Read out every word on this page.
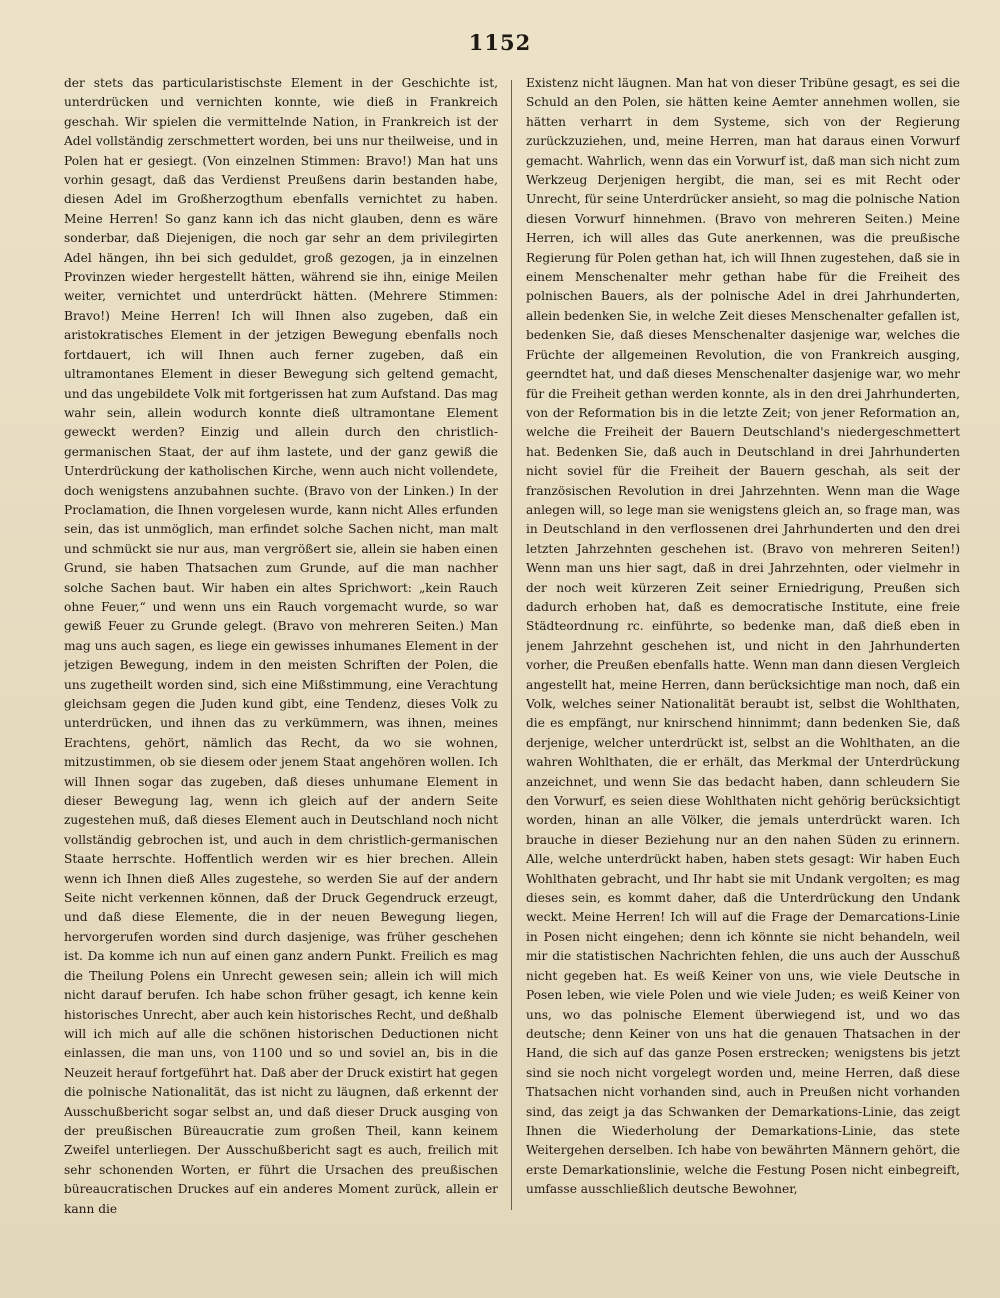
1152

der stets das particularistischste Element in der Geschichte ist, unterdrücken und vernichten konnte, wie dieß in Frankreich geschah. Wir spielen die vermittelnde Nation, in Frankreich ist der Adel vollständig zerschmettert worden, bei uns nur theilweise, und in Polen hat er gesiegt. (Von einzelnen Stimmen: Bravo!) Man hat uns vorhin gesagt, daß das Verdienst Preußens darin bestanden habe, diesen Adel im Großherzogthum ebenfalls vernichtet zu haben. Meine Herren! So ganz kann ich das nicht glauben, denn es wäre sonderbar, daß Diejenigen, die noch gar sehr an dem privilegirten Adel hängen, ihn bei sich geduldet, groß gezogen, ja in einzelnen Provinzen wieder hergestellt hätten, während sie ihn, einige Meilen weiter, vernichtet und unterdrückt hätten. (Mehrere Stimmen: Bravo!) Meine Herren! Ich will Ihnen also zugeben, daß ein aristokratisches Element in der jetzigen Bewegung ebenfalls noch fortdauert, ich will Ihnen auch ferner zugeben, daß ein ultramontanes Element in dieser Bewegung sich geltend gemacht, und das ungebildete Volk mit fortgerissen hat zum Aufstand. Das mag wahr sein, allein wodurch konnte dieß ultramontane Element geweckt werden? Einzig und allein durch den christlich-germanischen Staat, der auf ihm lastete, und der ganz gewiß die Unterdrückung der katholischen Kirche, wenn auch nicht vollendete, doch wenigstens anzubahnen suchte. (Bravo von der Linken.) In der Proclamation, die Ihnen vorgelesen wurde, kann nicht Alles erfunden sein, das ist unmöglich, man erfindet solche Sachen nicht, man malt und schmückt sie nur aus, man vergrößert sie, allein sie haben einen Grund, sie haben Thatsachen zum Grunde, auf die man nachher solche Sachen baut. Wir haben ein altes Sprichwort: „kein Rauch ohne Feuer,“ und wenn uns ein Rauch vorgemacht wurde, so war gewiß Feuer zu Grunde gelegt. (Bravo von mehreren Seiten.) Man mag uns auch sagen, es liege ein gewisses inhumanes Element in der jetzigen Bewegung, indem in den meisten Schriften der Polen, die uns zugetheilt worden sind, sich eine Mißstimmung, eine Verachtung gleichsam gegen die Juden kund gibt, eine Tendenz, dieses Volk zu unterdrücken, und ihnen das zu verkümmern, was ihnen, meines Erachtens, gehört, nämlich das Recht, da wo sie wohnen, mitzustimmen, ob sie diesem oder jenem Staat angehören wollen. Ich will Ihnen sogar das zugeben, daß dieses unhumane Element in dieser Bewegung lag, wenn ich gleich auf der andern Seite zugestehen muß, daß dieses Element auch in Deutschland noch nicht vollständig gebrochen ist, und auch in dem christlich-germanischen Staate herrschte. Hoffentlich werden wir es hier brechen. Allein wenn ich Ihnen dieß Alles zugestehe, so werden Sie auf der andern Seite nicht verkennen können, daß der Druck Gegendruck erzeugt, und daß diese Elemente, die in der neuen Bewegung liegen, hervorgerufen worden sind durch dasjenige, was früher geschehen ist. Da komme ich nun auf einen ganz andern Punkt. Freilich es mag die Theilung Polens ein Unrecht gewesen sein; allein ich will mich nicht darauf berufen. Ich habe schon früher gesagt, ich kenne kein historisches Unrecht, aber auch kein historisches Recht, und deßhalb will ich mich auf alle die schönen historischen Deductionen nicht einlassen, die man uns, von 1100 und so und soviel an, bis in die Neuzeit herauf fortgeführt hat. Daß aber der Druck existirt hat gegen die polnische Nationalität, das ist nicht zu läugnen, daß erkennt der Ausschußbericht sogar selbst an, und daß dieser Druck ausging von der preußischen Büreaucratie zum großen Theil, kann keinem Zweifel unterliegen. Der Ausschußbericht sagt es auch, freilich mit sehr schonenden Worten, er führt die Ursachen des preußischen büreaucratischen Druckes auf ein anderes Moment zurück, allein er kann die

Existenz nicht läugnen. Man hat von dieser Tribüne gesagt, es sei die Schuld an den Polen, sie hätten keine Aemter annehmen wollen, sie hätten verharrt in dem Systeme, sich von der Regierung zurückzuziehen, und, meine Herren, man hat daraus einen Vorwurf gemacht. Wahrlich, wenn das ein Vorwurf ist, daß man sich nicht zum Werkzeug Derjenigen hergibt, die man, sei es mit Recht oder Unrecht, für seine Unterdrücker ansieht, so mag die polnische Nation diesen Vorwurf hinnehmen. (Bravo von mehreren Seiten.) Meine Herren, ich will alles das Gute anerkennen, was die preußische Regierung für Polen gethan hat, ich will Ihnen zugestehen, daß sie in einem Menschenalter mehr gethan habe für die Freiheit des polnischen Bauers, als der polnische Adel in drei Jahrhunderten, allein bedenken Sie, in welche Zeit dieses Menschenalter gefallen ist, bedenken Sie, daß dieses Menschenalter dasjenige war, welches die Früchte der allgemeinen Revolution, die von Frankreich ausging, geerndtet hat, und daß dieses Menschenalter dasjenige war, wo mehr für die Freiheit gethan werden konnte, als in den drei Jahrhunderten, von der Reformation bis in die letzte Zeit; von jener Reformation an, welche die Freiheit der Bauern Deutschland's niedergeschmettert hat. Bedenken Sie, daß auch in Deutschland in drei Jahrhunderten nicht soviel für die Freiheit der Bauern geschah, als seit der französischen Revolution in drei Jahrzehnten. Wenn man die Wage anlegen will, so lege man sie wenigstens gleich an, so frage man, was in Deutschland in den verflossenen drei Jahrhunderten und den drei letzten Jahrzehnten geschehen ist. (Bravo von mehreren Seiten!) Wenn man uns hier sagt, daß in drei Jahrzehnten, oder vielmehr in der noch weit kürzeren Zeit seiner Erniedrigung, Preußen sich dadurch erhoben hat, daß es democratische Institute, eine freie Städteordnung rc. einführte, so bedenke man, daß dieß eben in jenem Jahrzehnt geschehen ist, und nicht in den Jahrhunderten vorher, die Preußen ebenfalls hatte. Wenn man dann diesen Vergleich angestellt hat, meine Herren, dann berücksichtige man noch, daß ein Volk, welches seiner Nationalität beraubt ist, selbst die Wohlthaten, die es empfängt, nur knirschend hinnimmt; dann bedenken Sie, daß derjenige, welcher unterdrückt ist, selbst an die Wohlthaten, an die wahren Wohlthaten, die er erhält, das Merkmal der Unterdrückung anzeichnet, und wenn Sie das bedacht haben, dann schleudern Sie den Vorwurf, es seien diese Wohlthaten nicht gehörig berücksichtigt worden, hinan an alle Völker, die jemals unterdrückt waren. Ich brauche in dieser Beziehung nur an den nahen Süden zu erinnern. Alle, welche unterdrückt haben, haben stets gesagt: Wir haben Euch Wohlthaten gebracht, und Ihr habt sie mit Undank vergolten; es mag dieses sein, es kommt daher, daß die Unterdrückung den Undank weckt. Meine Herren! Ich will auf die Frage der Demarcations-Linie in Posen nicht eingehen; denn ich könnte sie nicht behandeln, weil mir die statistischen Nachrichten fehlen, die uns auch der Ausschuß nicht gegeben hat. Es weiß Keiner von uns, wie viele Deutsche in Posen leben, wie viele Polen und wie viele Juden; es weiß Keiner von uns, wo das polnische Element überwiegend ist, und wo das deutsche; denn Keiner von uns hat die genauen Thatsachen in der Hand, die sich auf das ganze Posen erstrecken; wenigstens bis jetzt sind sie noch nicht vorgelegt worden und, meine Herren, daß diese Thatsachen nicht vorhanden sind, auch in Preußen nicht vorhanden sind, das zeigt ja das Schwanken der Demarkations-Linie, das zeigt Ihnen die Wiederholung der Demarkations-Linie, das stete Weitergehen derselben. Ich habe von bewährten Männern gehört, die erste Demarkationslinie, welche die Festung Posen nicht einbegreift, umfasse ausschließlich deutsche Bewohner,
